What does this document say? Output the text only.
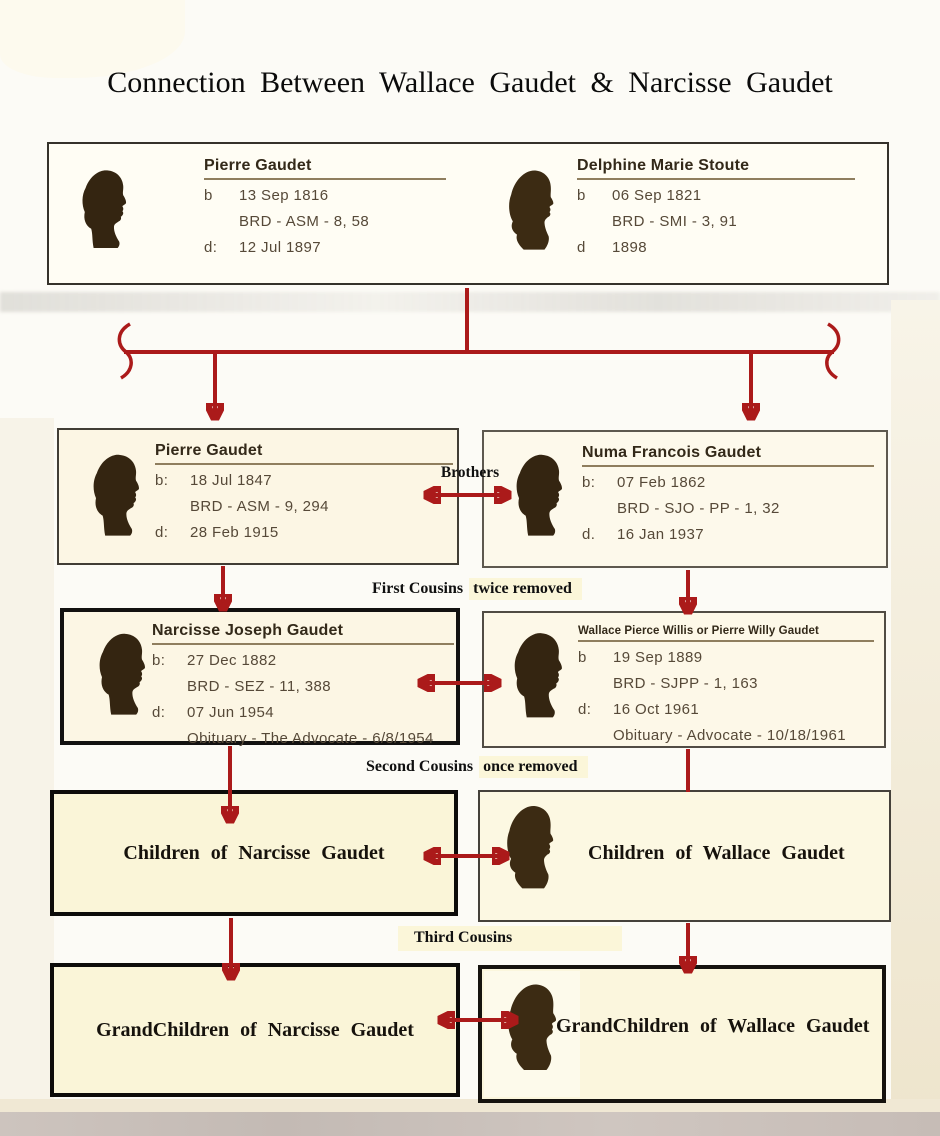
Connection Between Wallace Gaudet & Narcisse Gaudet
Pierre Gaudet
b	13 Sep 1816
BRD - ASM - 8, 58
d:	12 Jul 1897
Delphine Marie Stoute
b	06 Sep 1821
BRD - SMI - 3, 91
d	1898
Pierre Gaudet
b:	18 Jul 1847
BRD - ASM - 9, 294
d:	28 Feb 1915
Numa Francois Gaudet
b:	07 Feb 1862
BRD - SJO - PP - 1, 32
d.	16 Jan 1937
Brothers
First Cousins twice removed
Narcisse Joseph Gaudet
b:	27 Dec 1882
BRD - SEZ - 11, 388
d:	07 Jun 1954
Obituary - The Advocate - 6/8/1954
Wallace Pierce Willis or Pierre Willy Gaudet
b	19 Sep 1889
BRD - SJPP - 1, 163
d:	16 Oct 1961
Obituary - Advocate - 10/18/1961
Second Cousins once removed
Children of Narcisse Gaudet	Children of Wallace Gaudet
Third Cousins
GrandChildren of Narcisse Gaudet	GrandChildren of Wallace Gaudet
